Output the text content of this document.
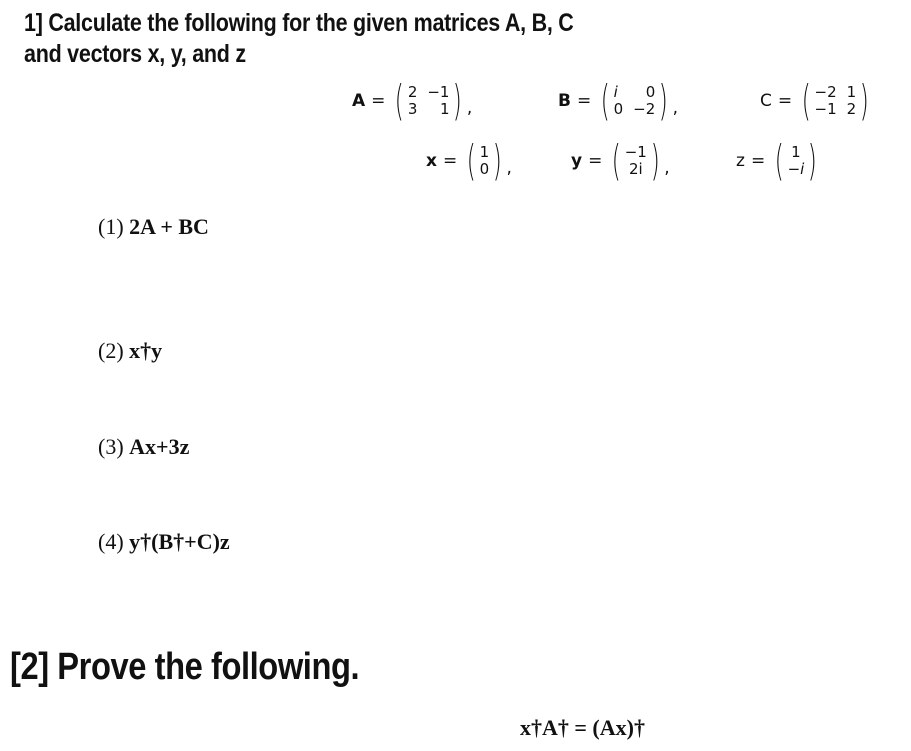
1] Calculate the following for the given matrices A, B, C
and vectors x, y, and z
A = ( 2 −1
3	1 ) ,	B = ( i	0
0 −2 ) ,	C = ( −2 1
−1 2 )
x = ( 1
0 ) ,	y = ( −1
2i ) ,	z = ( 1
−i )
(1) 2A + BC
(2) x†y
(3) Ax+3z
(4) y†(B†+C)z
[2] Prove the following.
x†A† = (Ax)†
